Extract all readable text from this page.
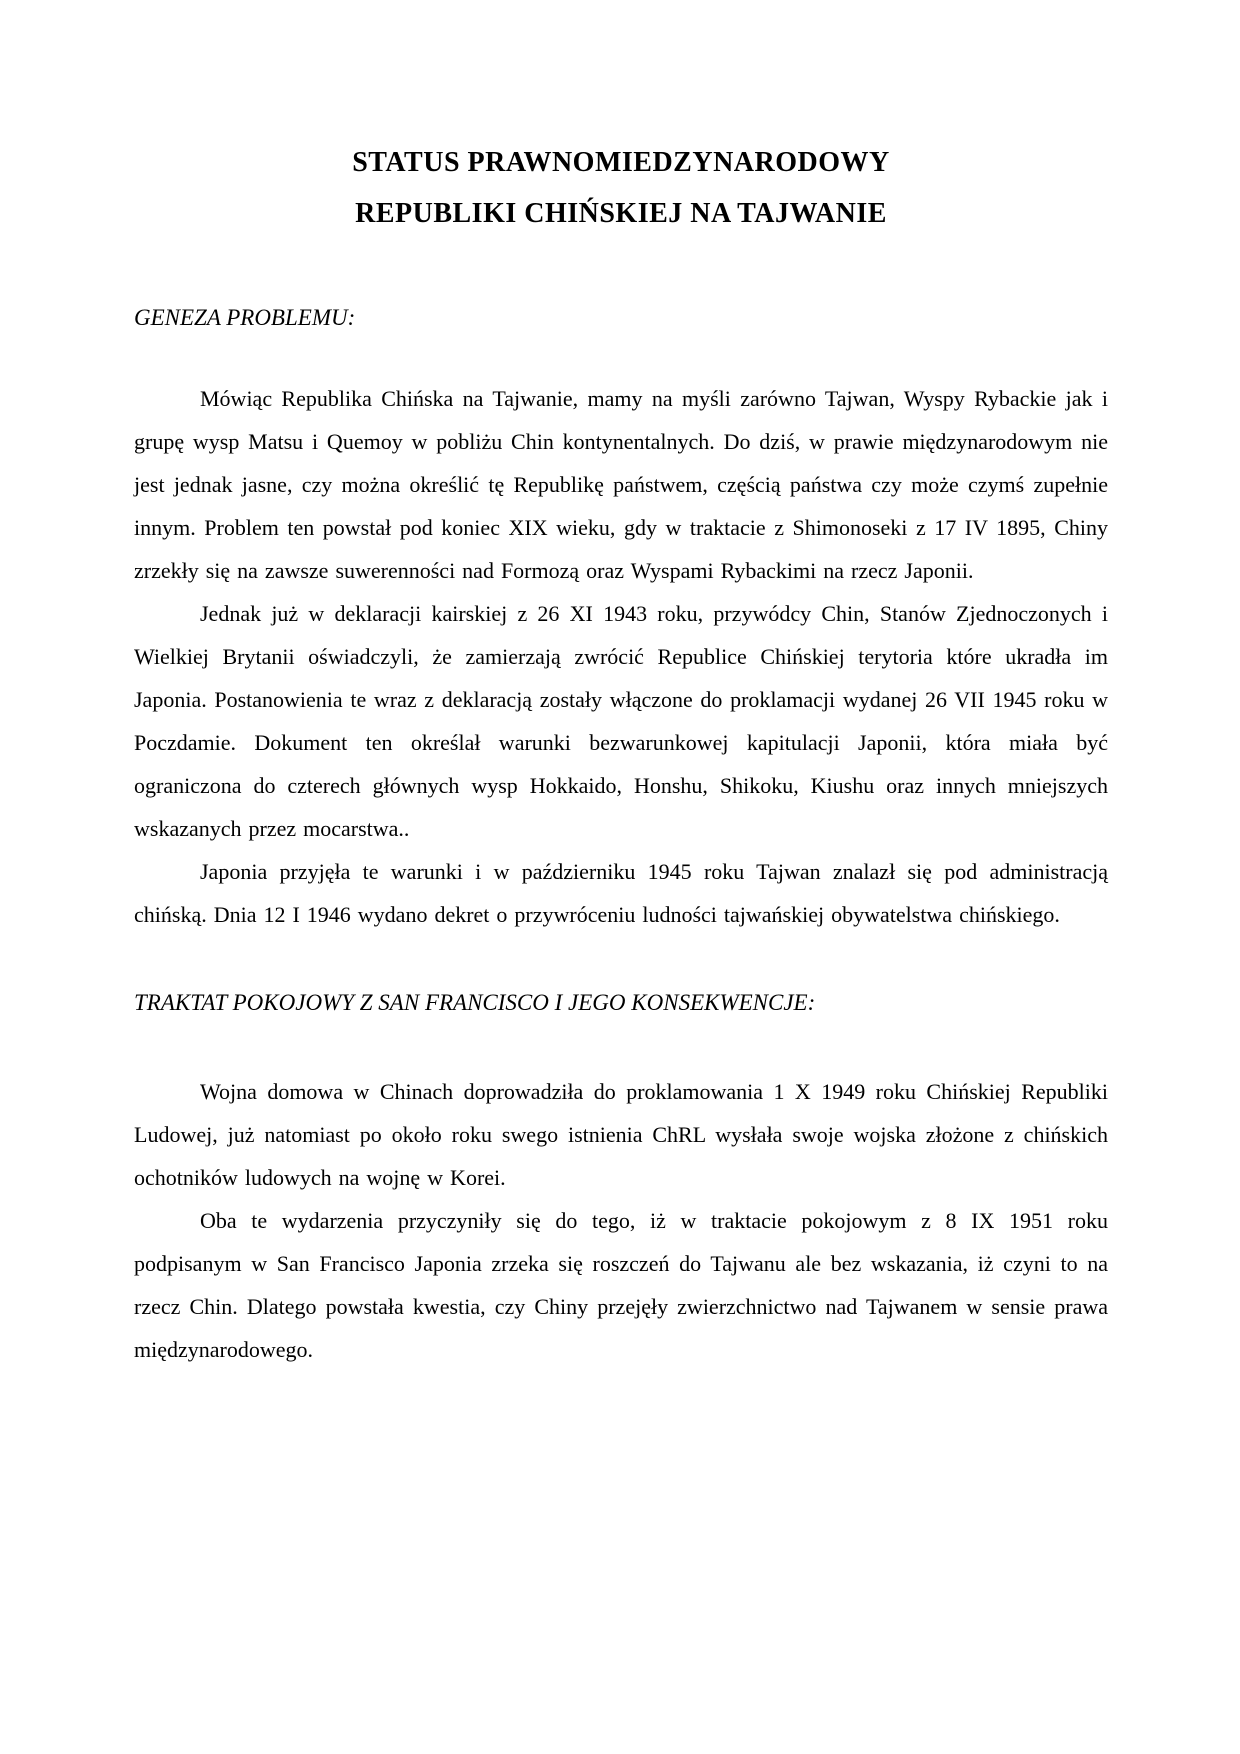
STATUS PRAWNOMIEDZYNARODOWY
REPUBLIKI CHIŃSKIEJ NA TAJWANIE
GENEZA PROBLEMU:

Mówiąc Republika Chińska na Tajwanie, mamy na myśli zarówno Tajwan, Wyspy Rybackie jak i grupę wysp Matsu i Quemoy w pobliżu Chin kontynentalnych. Do dziś, w prawie międzynarodowym nie jest jednak jasne, czy można określić tę Republikę państwem, częścią państwa czy może czymś zupełnie innym. Problem ten powstał pod koniec XIX wieku, gdy w traktacie z Shimonoseki z 17 IV 1895, Chiny zrzekły się na zawsze suwerenności nad Formozą oraz Wyspami Rybackimi na rzecz Japonii.

Jednak już w deklaracji kairskiej z 26 XI 1943 roku, przywódcy Chin, Stanów Zjednoczonych i Wielkiej Brytanii oświadczyli, że zamierzają zwrócić Republice Chińskiej terytoria które ukradła im Japonia. Postanowienia te wraz z deklaracją zostały włączone do proklamacji wydanej 26 VII 1945 roku w Poczdamie. Dokument ten określał warunki bezwarunkowej kapitulacji Japonii, która miała być ograniczona do czterech głównych wysp Hokkaido, Honshu, Shikoku, Kiushu oraz innych mniejszych wskazanych przez mocarstwa..

Japonia przyjęła te warunki i w październiku 1945 roku Tajwan znalazł się pod administracją chińską. Dnia 12 I 1946 wydano dekret o przywróceniu ludności tajwańskiej obywatelstwa chińskiego.

TRAKTAT POKOJOWY Z SAN FRANCISCO I JEGO KONSEKWENCJE:

Wojna domowa w Chinach doprowadziła do proklamowania 1 X 1949 roku Chińskiej Republiki Ludowej, już natomiast po około roku swego istnienia ChRL wysłała swoje wojska złożone z chińskich ochotników ludowych na wojnę w Korei.

Oba te wydarzenia przyczyniły się do tego, iż w traktacie pokojowym z 8 IX 1951 roku podpisanym w San Francisco Japonia zrzeka się roszczeń do Tajwanu ale bez wskazania, iż czyni to na rzecz Chin. Dlatego powstała kwestia, czy Chiny przejęły zwierzchnictwo nad Tajwanem w sensie prawa międzynarodowego.
